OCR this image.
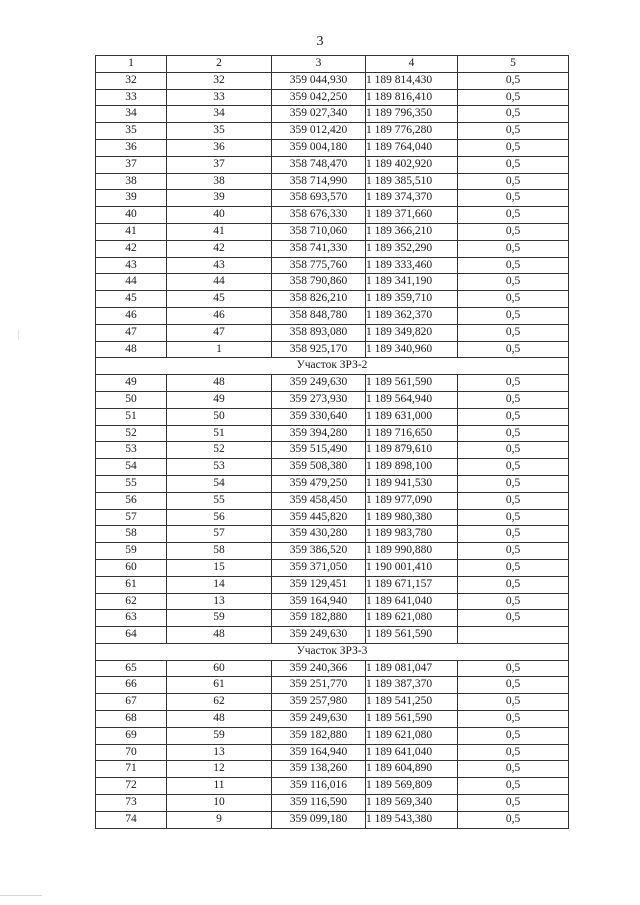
3
1	2	3	4	5
32	32	359 044,930	1 189 814,430	0,5
33	33	359 042,250	1 189 816,410	0,5
34	34	359 027,340	1 189 796,350	0,5
35	35	359 012,420	1 189 776,280	0,5
36	36	359 004,180	1 189 764,040	0,5
37	37	358 748,470	1 189 402,920	0,5
38	38	358 714,990	1 189 385,510	0,5
39	39	358 693,570	1 189 374,370	0,5
40	40	358 676,330	1 189 371,660	0,5
41	41	358 710,060	1 189 366,210	0,5
42	42	358 741,330	1 189 352,290	0,5
43	43	358 775,760	1 189 333,460	0,5
44	44	358 790,860	1 189 341,190	0,5
45	45	358 826,210	1 189 359,710	0,5
46	46	358 848,780	1 189 362,370	0,5
47	47	358 893,080	1 189 349,820	0,5
48	1	358 925,170	1 189 340,960	0,5
Участок ЗРЗ-2				
49	48	359 249,630	1 189 561,590	0,5
50	49	359 273,930	1 189 564,940	0,5
51	50	359 330,640	1 189 631,000	0,5
52	51	359 394,280	1 189 716,650	0,5
53	52	359 515,490	1 189 879,610	0,5
54	53	359 508,380	1 189 898,100	0,5
55	54	359 479,250	1 189 941,530	0,5
56	55	359 458,450	1 189 977,090	0,5
57	56	359 445,820	1 189 980,380	0,5
58	57	359 430,280	1 189 983,780	0,5
59	58	359 386,520	1 189 990,880	0,5
60	15	359 371,050	1 190 001,410	0,5
61	14	359 129,451	1 189 671,157	0,5
62	13	359 164,940	1 189 641,040	0,5
63	59	359 182,880	1 189 621,080	0,5
64	48	359 249,630	1 189 561,590	
Участок ЗРЗ-3				
65	60	359 240,366	1 189 081,047	0,5
66	61	359 251,770	1 189 387,370	0,5
67	62	359 257,980	1 189 541,250	0,5
68	48	359 249,630	1 189 561,590	0,5
69	59	359 182,880	1 189 621,080	0,5
70	13	359 164,940	1 189 641,040	0,5
71	12	359 138,260	1 189 604,890	0,5
72	11	359 116,016	1 189 569,809	0,5
73	10	359 116,590	1 189 569,340	0,5
74	9	359 099,180	1 189 543,380	0,5
